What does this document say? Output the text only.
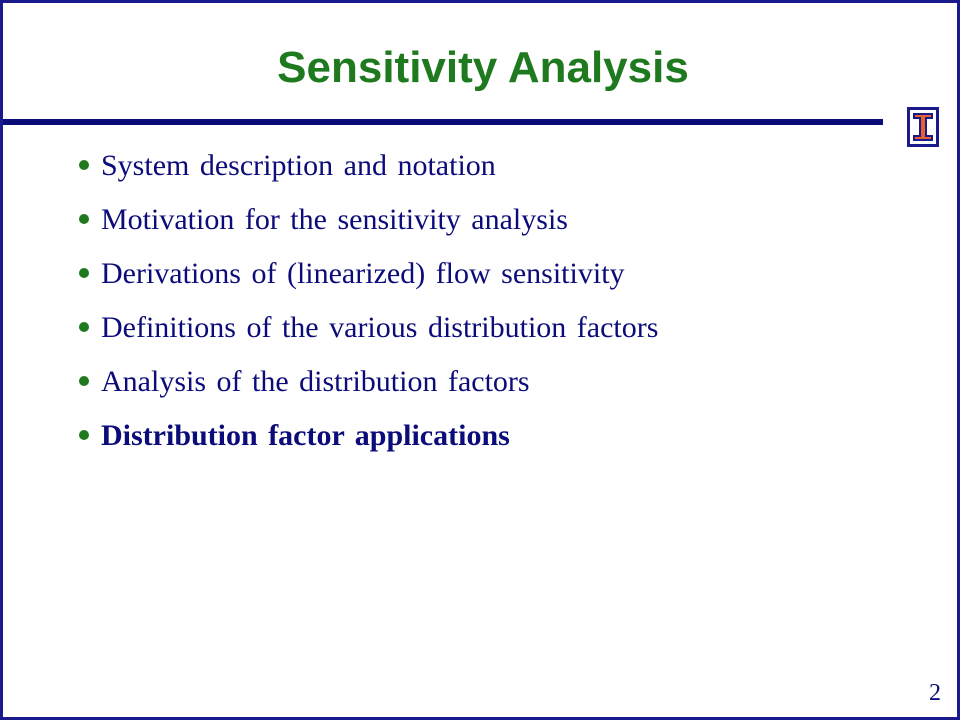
Sensitivity Analysis
System description and notation
Motivation for the sensitivity analysis
Derivations of (linearized) flow sensitivity
Definitions of the various distribution factors
Analysis of the distribution factors
Distribution factor applications
2
